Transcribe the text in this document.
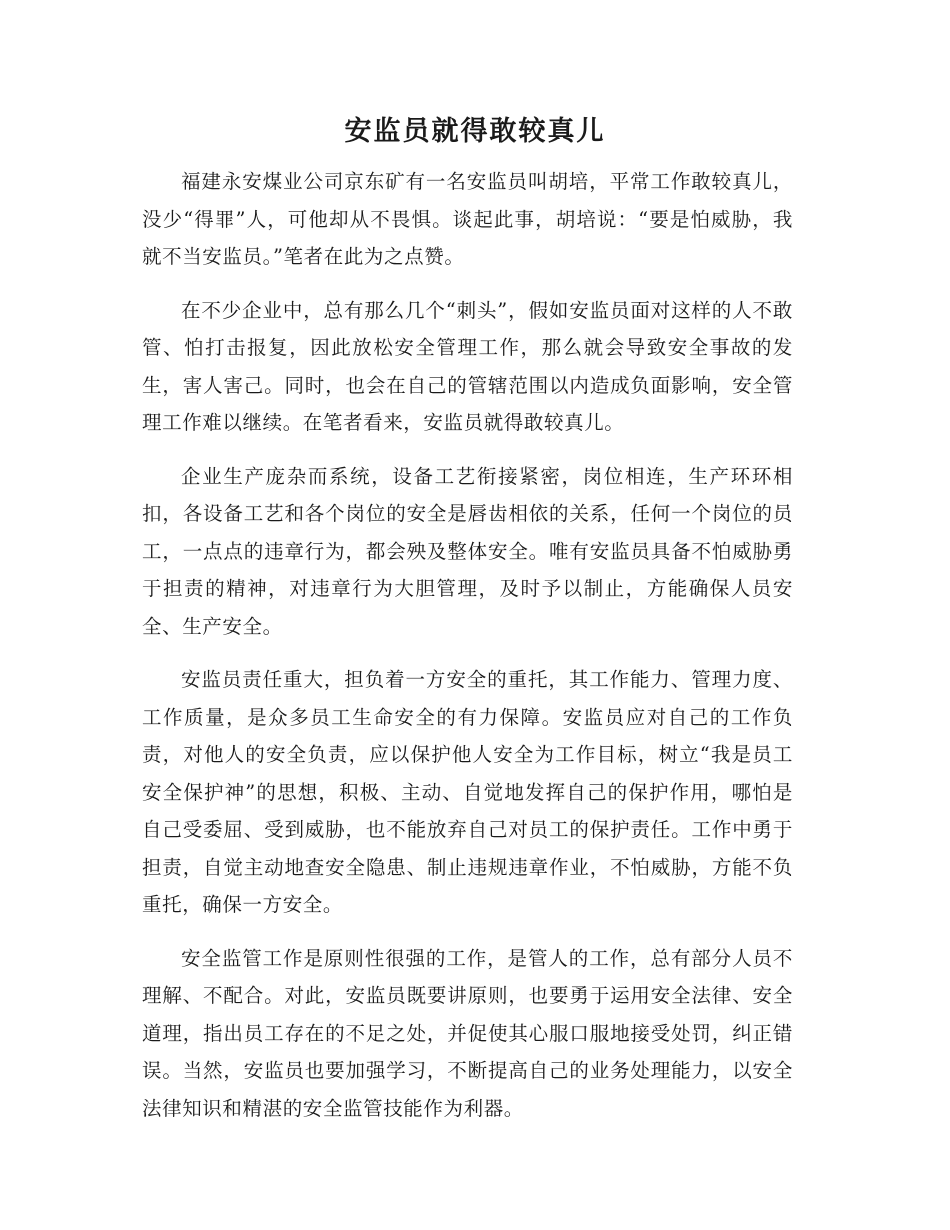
安监员就得敢较真儿

福建永安煤业公司京东矿有一名安监员叫胡培，平常工作敢较真儿，没少“得罪”人，可他却从不畏惧。谈起此事，胡培说：“要是怕威胁，我就不当安监员。”笔者在此为之点赞。

在不少企业中，总有那么几个“刺头”，假如安监员面对这样的人不敢管、怕打击报复，因此放松安全管理工作，那么就会导致安全事故的发生，害人害己。同时，也会在自己的管辖范围以内造成负面影响，安全管理工作难以继续。在笔者看来，安监员就得敢较真儿。

企业生产庞杂而系统，设备工艺衔接紧密，岗位相连，生产环环相扣，各设备工艺和各个岗位的安全是唇齿相依的关系，任何一个岗位的员工，一点点的违章行为，都会殃及整体安全。唯有安监员具备不怕威胁勇于担责的精神，对违章行为大胆管理，及时予以制止，方能确保人员安全、生产安全。

安监员责任重大，担负着一方安全的重托，其工作能力、管理力度、工作质量，是众多员工生命安全的有力保障。安监员应对自己的工作负责，对他人的安全负责，应以保护他人安全为工作目标，树立“我是员工安全保护神”的思想，积极、主动、自觉地发挥自己的保护作用，哪怕是自己受委屈、受到威胁，也不能放弃自己对员工的保护责任。工作中勇于担责，自觉主动地查安全隐患、制止违规违章作业，不怕威胁，方能不负重托，确保一方安全。

安全监管工作是原则性很强的工作，是管人的工作，总有部分人员不理解、不配合。对此，安监员既要讲原则，也要勇于运用安全法律、安全道理，指出员工存在的不足之处，并促使其心服口服地接受处罚，纠正错误。当然，安监员也要加强学习，不断提高自己的业务处理能力，以安全法律知识和精湛的安全监管技能作为利器。
